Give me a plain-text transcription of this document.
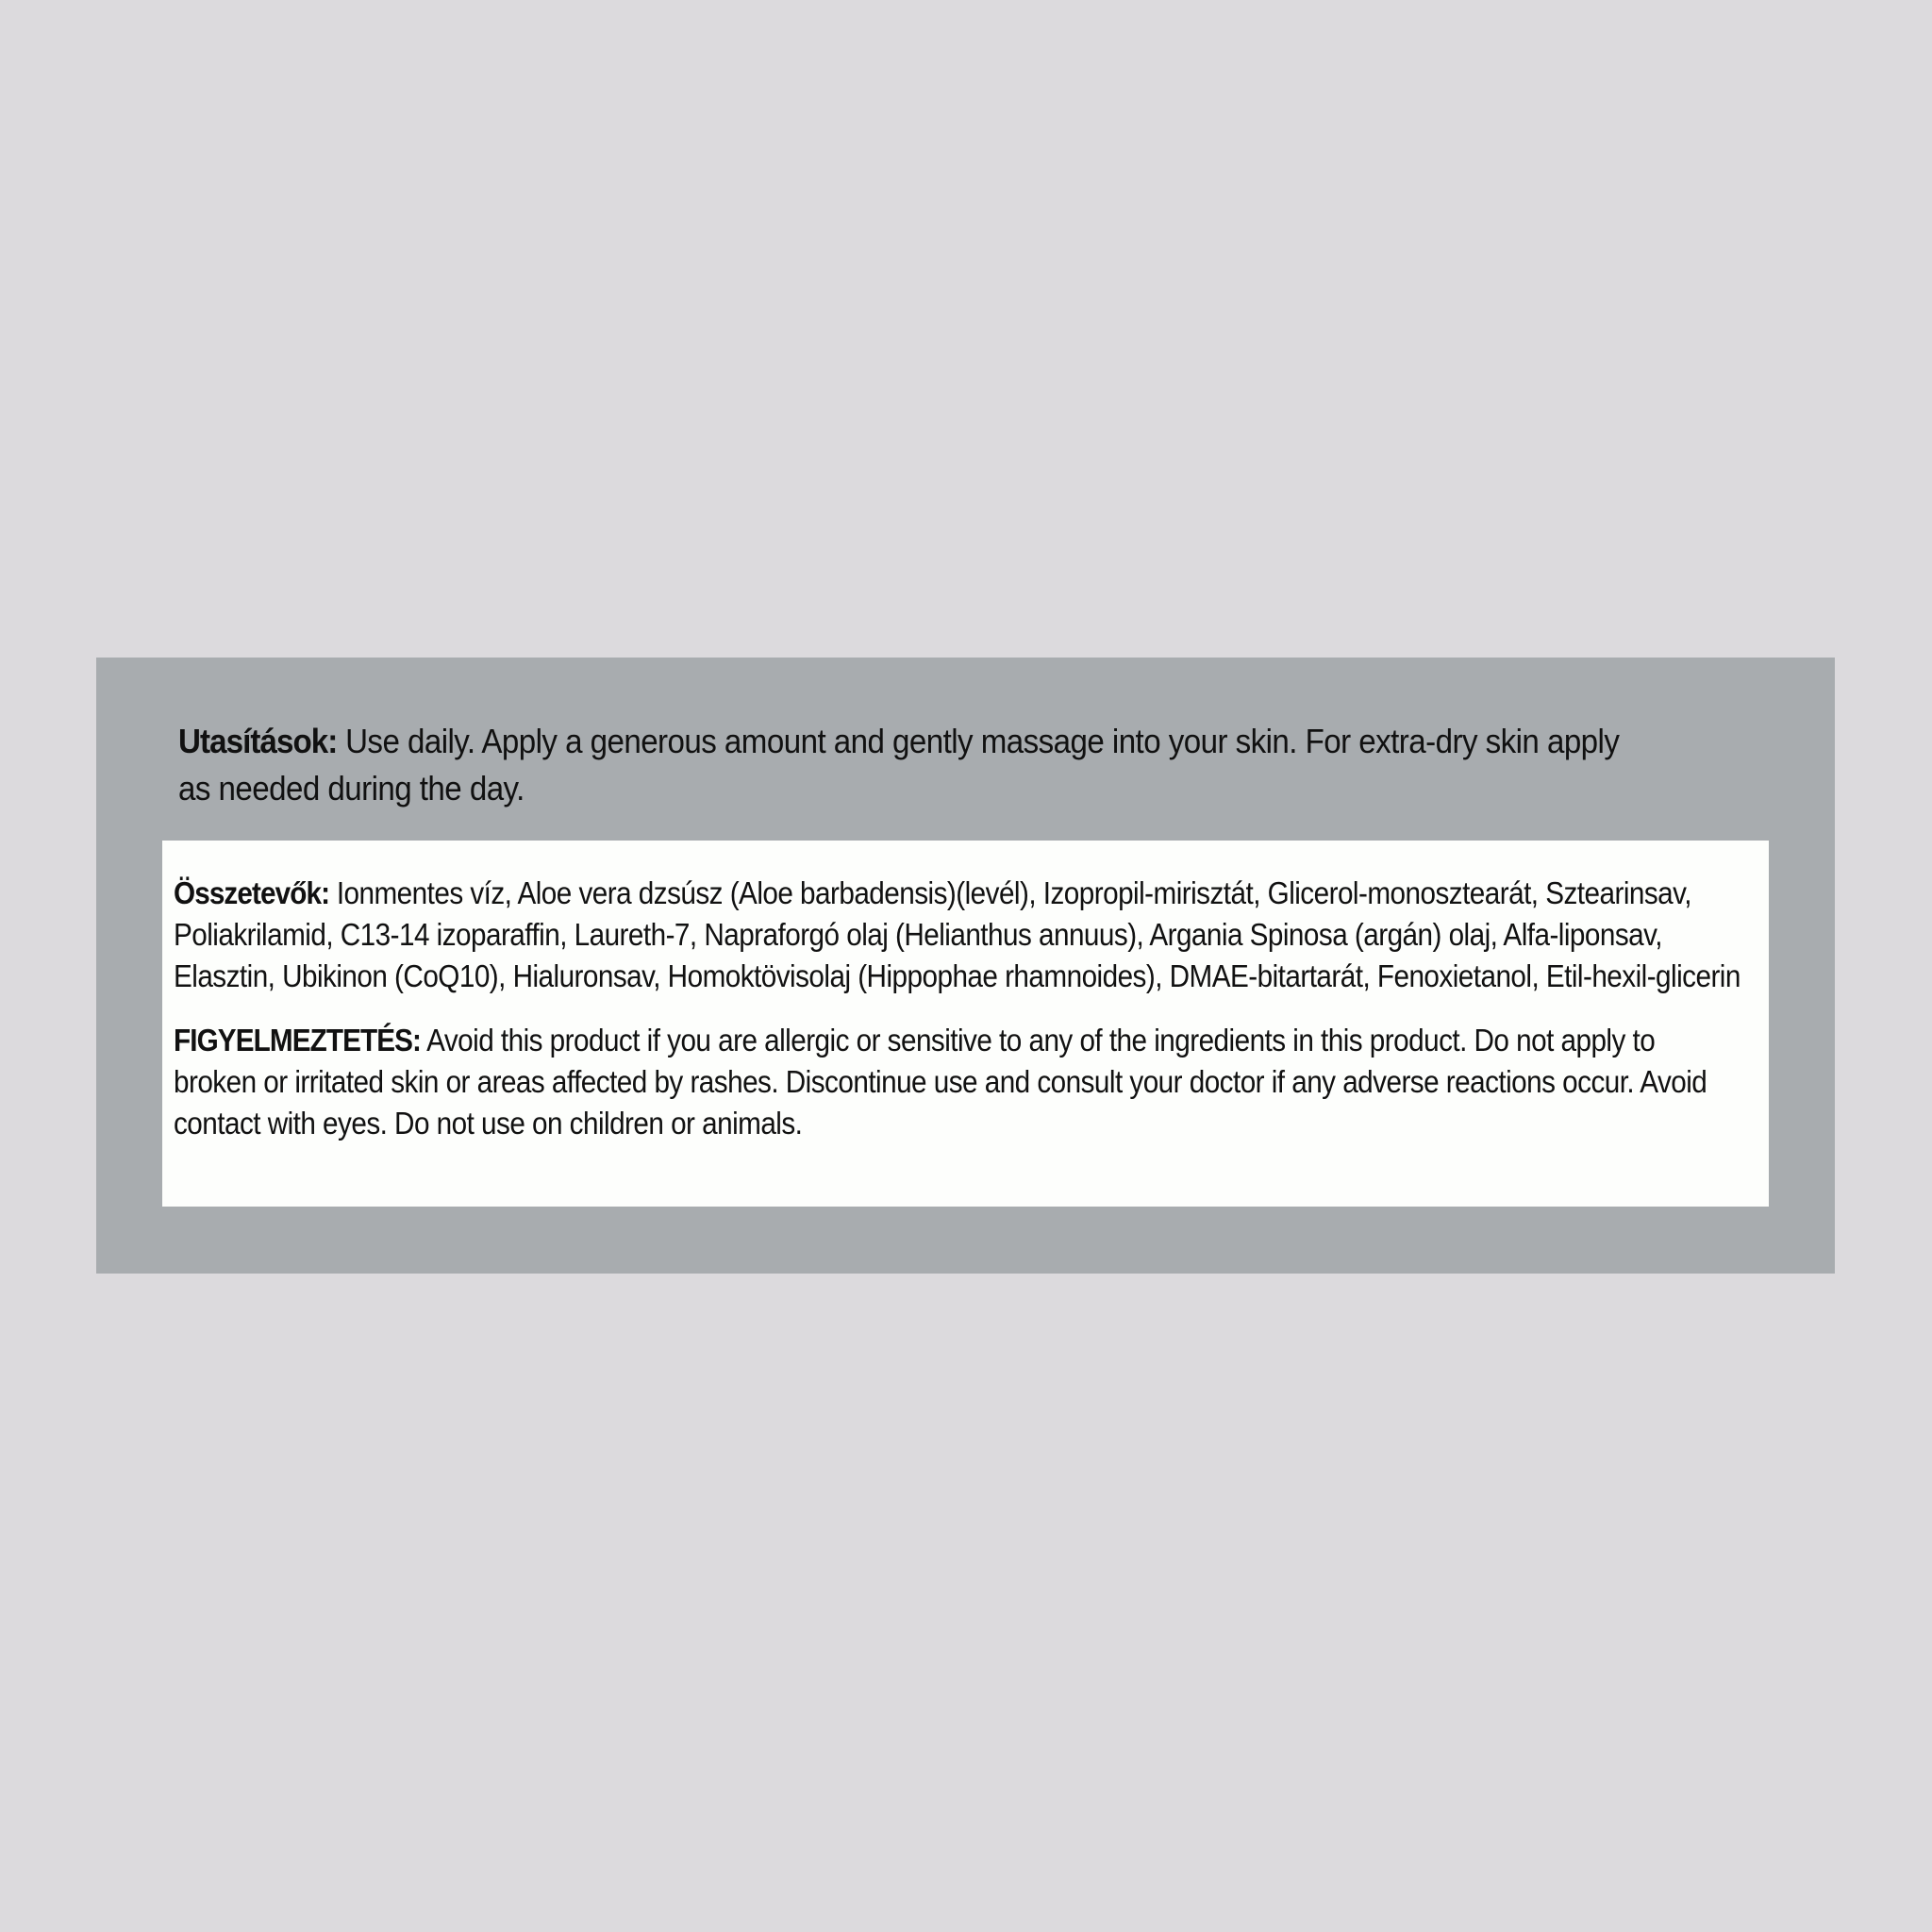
Utasítások: Use daily. Apply a generous amount and gently massage into your skin. For extra-dry skin apply as needed during the day.

Összetevők: Ionmentes víz, Aloe vera dzsúsz (Aloe barbadensis)(levél), Izopropil-mirisztát, Glicerol-monosztearát, Sztearinsav, Poliakrilamid, C13-14 izoparaffin, Laureth-7, Napraforgó olaj (Helianthus annuus), Argania Spinosa (argán) olaj, Alfa-liponsav, Elasztin, Ubikinon (CoQ10), Hialuronsav, Homoktövisolaj (Hippophae rhamnoides), DMAE-bitartarát, Fenoxietanol, Etil-hexil-glicerin

FIGYELMEZTETÉS: Avoid this product if you are allergic or sensitive to any of the ingredients in this product. Do not apply to broken or irritated skin or areas affected by rashes. Discontinue use and consult your doctor if any adverse reactions occur. Avoid contact with eyes. Do not use on children or animals.
